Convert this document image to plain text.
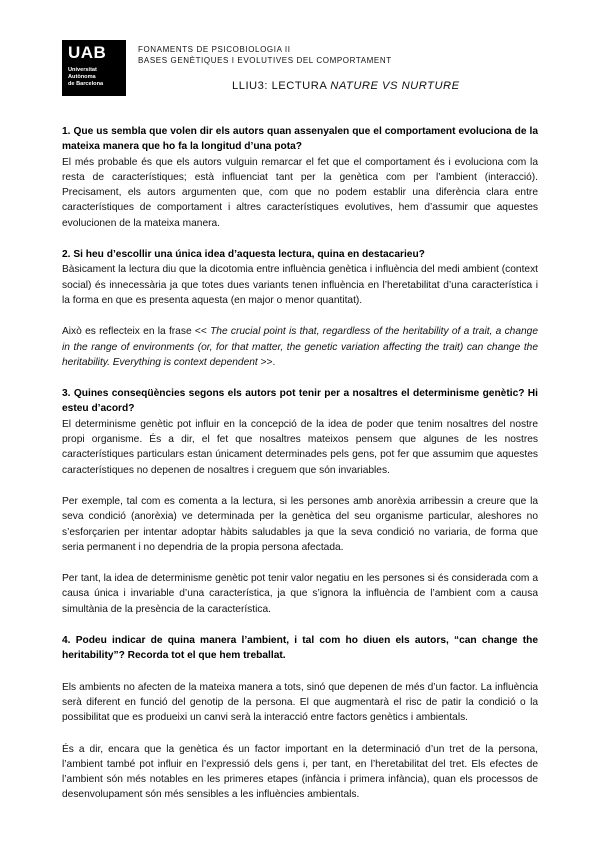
UAB
Universitat
Autònoma
de Barcelona
FONAMENTS DE PSICOBIOLOGIA II
BASES GENÈTIQUES I EVOLUTIVES DEL COMPORTAMENT
LLIU3: LECTURA NATURE VS NURTURE

1. Que us sembla que volen dir els autors quan assenyalen que el comportament evoluciona de la mateixa manera que ho fa la longitud d’una pota?

El més probable és que els autors vulguin remarcar el fet que el comportament és i evoluciona com la resta de característiques; està influenciat tant per la genètica com per l’ambient (interacció). Precisament, els autors argumenten que, com que no podem establir una diferència clara entre característiques de comportament i altres característiques evolutives, hem d’assumir que aquestes evolucionen de la mateixa manera.

2. Si heu d’escollir una única idea d’aquesta lectura, quina en destacarieu?

Bàsicament la lectura diu que la dicotomia entre influència genètica i influència del medi ambient (context social) és innecessària ja que totes dues variants tenen influència en l’heretabilitat d’una característica i la forma en que es presenta aquesta (en major o menor quantitat).

Això es reflecteix en la frase << The crucial point is that, regardless of the heritability of a trait, a change in the range of environments (or, for that matter, the genetic variation affecting the trait) can change the heritability. Everything is context dependent >>.

3. Quines conseqüències segons els autors pot tenir per a nosaltres el determinisme genètic? Hi esteu d’acord?

El determinisme genètic pot influir en la concepció de la idea de poder que tenim nosaltres del nostre propi organisme. És a dir, el fet que nosaltres mateixos pensem que algunes de les nostres característiques particulars estan únicament determinades pels gens, pot fer que assumim que aquestes característiques no depenen de nosaltres i creguem que són invariables.

Per exemple, tal com es comenta a la lectura, si les persones amb anorèxia arribessin a creure que la seva condició (anorèxia) ve determinada per la genètica del seu organisme particular, aleshores no s’esforçarien per intentar adoptar hàbits saludables ja que la seva condició no variaria, de forma que seria permanent i no dependria de la propia persona afectada.

Per tant, la idea de determinisme genètic pot tenir valor negatiu en les persones si és considerada com a causa única i invariable d’una característica, ja que s’ignora la influència de l’ambient com a causa simultània de la presència de la característica.

4. Podeu indicar de quina manera l’ambient, i tal com ho diuen els autors, “can change the heritability”? Recorda tot el que hem treballat.

Els ambients no afecten de la mateixa manera a tots, sinó que depenen de més d’un factor. La influència serà diferent en funció del genotip de la persona. El que augmentarà el risc de patir la condició o la possibilitat que es produeixi un canvi serà la interacció entre factors genètics i ambientals.

És a dir, encara que la genètica és un factor important en la determinació d’un tret de la persona, l’ambient també pot influir en l’expressió dels gens i, per tant, en l’heretabilitat del tret. Els efectes de l’ambient són més notables en les primeres etapes (infància i primera infància), quan els processos de desenvolupament són més sensibles a les influències ambientals.
